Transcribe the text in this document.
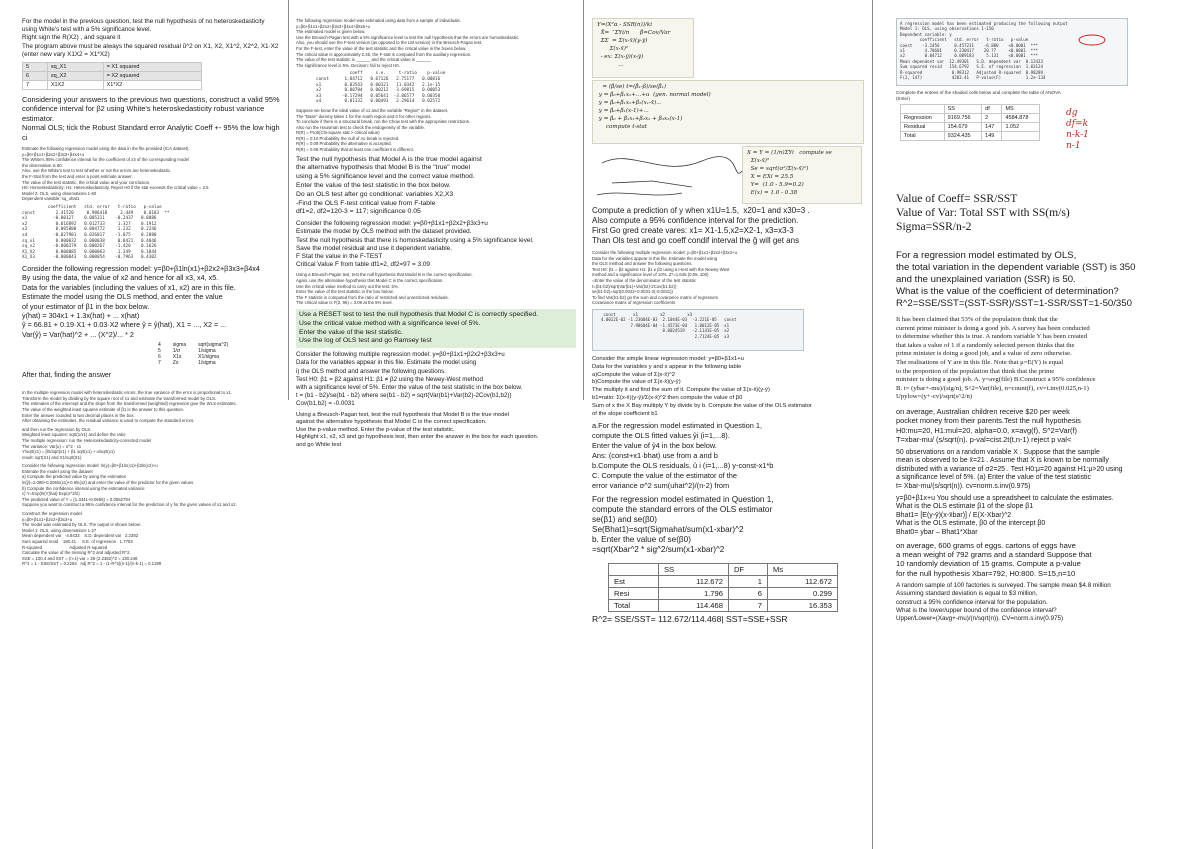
For the model in the previous question, test the null hypothesis of no heteroskedasticity
using White's test with a 5% significance level.
Right sign the R(X2) , and square it
The program above must be always the squared residual ũ^2 on X1, X2, X1^2, X2^2, X1·X2
(enter new vary X1X2 = X1*X2)

5	sq_X1	= X1 squared
6	sq_X2	= X2 squared
7	X1X2	X1*X2

Considering your answers to the previous two questions, construct a valid 95%
confidence interval for β2 using White's heteroskedasticity robust variance estimator.
Normal OLS; tick the Robust Standard error Analytic Coeff +- 95% the low high ci

Estimate the following regression model using the data in the file provided (ICA dataset)
y=β0+β1x1+β2x2+β3x3+β4x4+u
The White's 95% confidence interval for the coefficient of x3 of the corresponding model
the observation is 60.
Also, use the White's test to test whether or not the errors are heteroskedastic.
the F-Stat from the test and enter a point estimate answer.
The value of the test statistic, the critical value and your conclusion.
H0: Homoskedasticity; H1: Heteroskedasticity. Reject H0 if the stat exceeds the critical value = 2.5
Model 2: OLS, using observations 1-60
Dependent variable: sq_uhat1

coefficient   std. error   t-ratio   p-value

const        2.41520     0.986418     2.449    0.0183  **
x1          -0.00127    0.005211    -0.2437   0.8086
x2           0.016892   0.012733     1.327    0.1912
x3           0.005880   0.004772     1.232    0.2246
x4          -0.027981   0.026017    -1.075    0.2880
sq_x1        0.000032   0.000038     0.8421   0.4046
sq_x2       -0.000379   0.000267    -1.420    0.1626
X1_X2        0.000085   0.000063     1.349    0.1844
X1_X3       -0.000043   0.000054    -0.7963   0.4302

Consider the following regression model: y=β0+β1ln(x1)+β2x2+β3x3+β4x4
By using the data, the value of x2 and hence for all x3, x4, x5.
Data for the variables (including the values of x1, x2) are in this file.
Estimate the model using the OLS method, and enter the value
of your estimator of β1 in the box below.
ẏ(hat) = 304x1 + 1.3x(hat) + ... x(hat)
ŷ = 66.81 + 0.19·X1 + 0.03·X2 where ŷ = ŷ(hat), X1 = ..., X2 = ...
Var(ŷ) = Var(hat)^2 + ... (X^2)/... * 2

4	sigma	sqrt(sigma^2)
5	1/σ	1/sigma
6	X1s	X1/sigma
7	Zs	1/sigma

After that, finding the answer

In the multiple regression model with heteroskedastic errors, the true variance of the error is proportional to x1.
Transform the model by dividing by the square root of x1 and estimate the transformed model by OLS.
The estimates of the intercept and the slope from the transformed (weighted) regression give the WLS estimates.
The value of the weighted least squares estimate of β1 is the answer to this question.
Enter the answer rounded to two decimal places in the box.
After obtaining the estimates, the residual variance is used to compute the standard errors.

and then run the regression by OLS.
Weighted least squares: sqrt(1/x1) and define the ratio
The multiple regression: run the Heteroskedasticity-corrected model
The variance: Var(u) = σ^2 · x1
Y/sqrt(x1) = β0/sqrt(x1) + β1 sqrt(x1) + u/sqrt(x1)
result: sqrt(X1) and X1/sqrt(X1)

Consider the following regression model: ln(y)=β0+β1ln(x1)+β2ln(x2)+u
Estimate the model using the dataset
a) Compute the predicted value by using the estimates
ln(ŷ)=2.088+0.205ln(x1)+0.6ln(x2) and enter the value of the predictor for the given values
b) Compute the confidence interval using the estimated variance
c) Y=Exp(ln(Y)hat)·Exp(σ^2/2)
The predicted value of Y = (1.3441+0.0655) = 0.0552794
Suppose you want to construct a 95% confidence interval for the prediction of y for the given values of x1 and x2.

Construct the regression model
y=β0+β1x1+β2x2+β3x3+u
The model was estimated by OLS. The output is shown below:
Model 1: OLS, using observations 1-27
Mean dependent var   -4.8433    S.D. dependent var   2.2382
Sum squared resid    180.41     S.E. of regression   1.7792
R-squared                       Adjusted R-squared
Calculate the value of the missing R^2 and adjusted R^2.
SSE = 100.4 and SST = (n-1)·var = 26·(2.2382)^2 = 130.248
R^2 = 1 - SSE/SST = 0.2294   Adj R^2 = 1 - (1-R^2)(n-1)/(n-k-1) = 0.1289

The following regression model was estimated using data from a sample of individuals.
y=β0+β1x1+β2x2+β3x3+β4x4+β5x5+u
The estimated model is given below.
Use the Breusch-Pagan test with a 5% significance level to test the null hypothesis that the errors are homoskedastic.
Also, you should use the F-test version (as opposed to the LM version) in the Breusch-Pagan test.
For the F-test, enter the value of the test statistic and the critical value in the boxes below.
The critical value is approximately 2.45, the F-stat is computed from the auxiliary regression.
The value of the test statistic is ______ and the critical value is ______
The significance level is 5%. Decision: fail to reject H0.

coeff     s.e.     t-ratio    p-value
const      1.84712   0.67126   2.75177   0.00816
x1         0.03543   0.00321   11.0342   2.1e-15
x2         0.00784   0.00212   3.69815   0.00053
x3        -0.17294   0.05641  -3.06577   0.00350
x4         0.01132   0.00493   2.29614   0.02572

Suppose we know the ideal value of x1 and the variable "Region" in the dataset.
The "Base" dummy takes 1 for the south region and 0 for other regions.
To conclude if there is a structural break, run the Chow test with the appropriate restrictions.
Also run the Hausman test to check the endogeneity of the variable.
R(R) = Prob(Chi-square stat > critical value)
R(R) = 0.10 Probability the null of no break is rejected.
R(R) = 0.08 Probability the alternative is accepted.
R(R) = 0.06 Probability that at least one coefficient is different.

Test the null hypothesis that Model A is the true model against
the alternative hypothesis that Model B is the "true" model
using a 5% significance level and the correct value method.
Enter the value of the test statistic in the box below.
Do an OLS test after go conditional: variables X2,X3
-Find the OLS F-test critical value from F-table
df1=2, df2=120-3 = 117; significance 0.05

Consider the following regression model: y=β0+β1x1+β2x2+β3x3+u
Estimate the model by OLS method with the dataset provided.
Test the null hypothesis that there is homoskedasticity using a 5% significance level.
Save the model residual and use it dependent variable.
F Stat the value in the F-TEST
Critical Value F from table df1=2, df2=97 = 3.09

Using a Breusch-Pagan test, test the null hypothesis that Model B is the correct specification.
Again, use the alternative hypothesis that Model C is the correct specification.
Use the critical value method to carry out the test. 5%.
Enter the value of the test statistic in the box below.
The F statistic is computed from the ratio of restricted and unrestricted residuals.
The critical value is F(2, 96) = 3.09 at the 5% level.

Use a RESET test to test the null hypothesis that Model C is correctly specified.
Use the critical value method with a significance level of 5%.
Enter the value of the test statistic.
Use the log of OLS test and go Ramsey test

Consider the following multiple regression model: y=β0+β1x1+β2x2+β3x3+u
Data for the variables appear in this file. Estimate the model using
i) the OLS method and answer the following questions.
Test H0: β1 = β2 against H1: β1 ≠ β2 using the Newey-West method
with a significance level of 5%. Enter the value of the test statistic in the box below.
t = (b1 - b2)/se(b1 - b2) where se(b1 - b2) = sqrt(Var(b1)+Var(b2)-2Cov(b1,b2))
Cov(b1,b2) = -0.0031

Using a Breusch-Pagan test, test the null hypothesis that Model B is the true model
against the alternative hypothesis that Model C is the correct specification.
Use the p-value method. Enter the p-value of the test statistic.
Highlight x1, x2, x3 and go hypothesis test, then enter the answer in the box for each question.
and go White test

Y=(X²α - SSR(n))/ki
X̄=   ̄ΣYi/n      β̂=Cov/Var
ΣΣ  = Σ(x-x̄)(y-ȳ)
Σ(x-x̄)²
- ex: Σ(x-ȳ)(x-ȳ)
...

= (β̂/se) t=(β̂₁-β)/se(β̂₁)
y = β₀+β₁x₁+...+u  (gen. normal model)
y = β₀+β₁x₁+β₂(x₁-x̄)...
y = β₀+β₁(x-1)+...
y = β₀ + β₁x₁+β₂x₂ + β₃x₃(x-1)
compute t-stat

X = Y = (1/n)ΣYi   compute se
Σ(x-x̄)²
Se = sqrt(σ²/Σ(x-x̄)²)
X = EXi = 25.5
Y=  (1.0 - 5.9=0.2)
E(x) = 1.0 - 0.38

Compute a prediction of y when x1U=1.5,  x20=1 and x30=3 .
Also compute a 95% confidence interval for the prediction.
First Go gred create vares: x1= X1-1.5,x2=X2-1, x3=x3-3
Than Ols test and go coeff condif interval the ĝ will get ans

Consider the following multiple regression model: y=β0+β1x1+β2x2+β3x3+u
Data for the variables appear in this file. Estimate the model using
the OLS method and answer the following questions.
Test H0: β1 = β2 against H1: β1 ≠ β2 using a t-test with the Newey-West
method and a significance level of 10%. Z*=1.645 (0.05, 100)
=Enter the value of the denominator of the test statistic
t=(b1-b2)/sqrt(Var(b1)+Var(b2)-2Cov(b1,b2))
se(b1-b2)=sqrt(0.0042+0.0031-2(-0.0031))
To find Var(b1-b2) go the sum and covariance matrix of regressors
Covariance matrix of regression coefficients

const       x1         x2         x3
4.0012E-02 -1.23004E-03  2.1044E-03  -3.221E-05   const
7.98604E-04 -1.4573E-04   1.0012E-05  x1
0.0024519   -2.1141E-05  x2
2.7124E-05  x3

Consider the simple linear regression model: y=β0+β1x1+u
Data for the variables y and x appear in the following table
a)Compute the value of Σ(x-x̄)^2
b)Compute the value of Σ(x-x̄)(y-ȳ)
The multiply it and find the sum of it. Compute the value of Σ(x-x̄)(y-ȳ)
b1=ratio: Σ(x-x̄)(y-ȳ)/Σ(x-x̄)^2 then compute the value of β0
Sum of x the X Bay multiply Y by divide by b. Compute the value of the OLS estimator
of the slope coefficient b1

a.For the regression model estimated in Question 1,
compute the OLS fitted values ŷi (i=1,...8).
Enter the value of ŷ4 in the box below.
Ans: (const+x1·bhat) use from a and b
b.Compute the OLS residuals, û i (i=1,...8) y-const-x1*b
C. Compute the value of the estimator of the
error variance σ^2 sum(uhat^2)/(n-2) from

For the regression model estimated in Question 1,
compute the standard errors of the OLS estimator
se(β1) and se(β0)
Se(Bhat1)=sqrt(Sigmahat/sum(x1-xbar)^2
b. Enter the value of se(β0)
=sqrt(Xbar^2 * sig^2/sum(x1-xbar)^2

	SS	DF	Ms
Est	112.672	1	112.672
Resi	1.796	6	0.299
Total	114.468	7	16.353

R^2= SSE/SST= 112.672/114.468| SST=SSE+SSR

A regression model has been estimated producing the following output
Model 1: OLS, using observations 1-150
Dependent variable: y

coefficient   std. error   t-ratio   p-value

const    -3.1456      0.457231    -6.880    <0.0001  ***
x1        4.78601     0.230417    20.77     <0.0001  ***
x2        0.04712     0.009183     5.131    <0.0001  ***

Mean dependent var  12.49301   S.D. dependent var  8.12433
Sum squared resid   154.6792   S.E. of regression  1.03124
R-squared            0.98312   Adjusted R-squared  0.98289
F(2, 147)            4283.41   P-value(F)          1.2e-134

Complete the entries of the shaded cells below and complete the table of ANOVA
(Enter)

	SS	df	MS
Regression	9169.756	2	4584.878
Residual	154.679	147	1.052
Total	9324.435	149	

dg
df=k
n-k-1
n-1

Value of Coeff= SSR/SST
Value of Var: Total SST with SS(m/s)
Sigma=SSR/n-2

For a regression model estimated by OLS,
the total variation in the dependent variable (SST) is 350
and the unexplained variation (SSR) is 50.
What is the value of the coefficient of determination?
R^2=SSE/SST=(SST-SSR)/SST=1-SSR/SST=1-50/350

It has been claimed that 53% of the population think that the
current prime minister is doing a good job. A survey has been conducted
to determine whether this is true. A random variable Y has been created
that takes a value of 1 if a randomly selected person thinks that the
prime minister is doing a good job, and a value of zero otherwise.
The realisations of Y are in this file. Note that μ=E(Y) is equal
to the proportion of the population that think that the prime
minister is doing a good job. A. y=avg(file) B.Construct a 95% confidence
B. t= (ybar+-mu)/(sig/n), S^2=Var(file), n=count(f), cv=t.inv(0.025,n-1)
Upylow=(y+-cv)/sqrt(s^2/n)

on average, Australian children receive $20 per week
pocket money from their parents.Test the null hypothesis
H0:mu=20, H1:mul=20, alpha=0.0, x=avg(f), S^2=Var(f)
T=xbar-mu/ (s/sqrt(n). p-val=cist.2t(t,n-1) reject p val<

50 observations on a random variable X . Suppose that the sample
mean is observed to be x̄=21 . Assume that X is known to be normally
distributed with a variance of σ2=25 . Test H0:μ=20 against H1:μ>20 using
a significance level of 5%. (a) Enter the value of the test statistic
t= Xbar-mu/(s/sqrt(n)). cv=norm.s.inv(0.975)

y=β0+β1x+u You should use a spreadsheet to calculate the estimates.
What is the OLS estimate β1 of the slope β1
Bhat1= [E(y-ȳ)(x-x̄bar)] / E(X-Xbar)^2
What is the OLS estimate, β0 of the intercept β0
Bhat0= ybar – Bhat1*Xbar

on average, 600 grams of eggs. cartons of eggs have
a mean weight of 792 grams and a standard Suppose that
10 randomly deviation of 15 grams. Compute a p-value
for the null hypothesis Xbar=792, H0:800. S=15,n=10

A random sample of 100 factories is surveyed. The sample mean $4.8 million
Assuming standard deviation is equal to $3 million,
construct a 95% confidence interval for the population.
What is the lower/upper bound of the confidence interval?
Upper/Lower=(Xavg+-mu)/(n/sqrt(n)). CV=norm.s.inv(0.975)
